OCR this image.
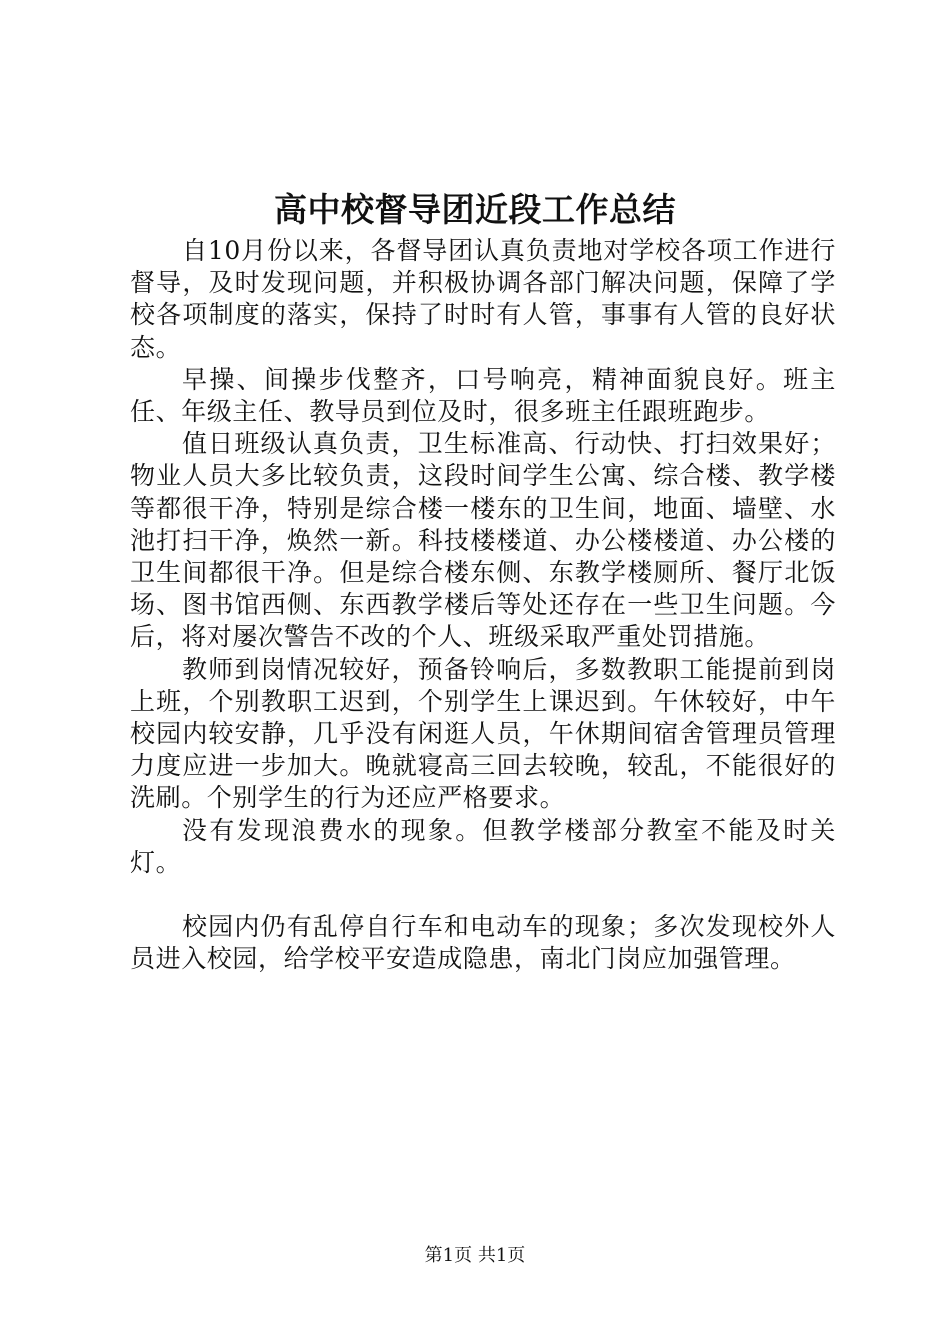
高中校督导团近段工作总结

自10月份以来，各督导团认真负责地对学校各项工作进行督导，及时发现问题，并积极协调各部门解决问题，保障了学校各项制度的落实，保持了时时有人管，事事有人管的良好状态。

早操、间操步伐整齐，口号响亮，精神面貌良好。班主任、年级主任、教导员到位及时，很多班主任跟班跑步。

值日班级认真负责，卫生标准高、行动快、打扫效果好；物业人员大多比较负责，这段时间学生公寓、综合楼、教学楼等都很干净，特别是综合楼一楼东的卫生间，地面、墙壁、水池打扫干净，焕然一新。科技楼楼道、办公楼楼道、办公楼的卫生间都很干净。但是综合楼东侧、东教学楼厕所、餐厅北饭场、图书馆西侧、东西教学楼后等处还存在一些卫生问题。今后，将对屡次警告不改的个人、班级采取严重处罚措施。

教师到岗情况较好，预备铃响后，多数教职工能提前到岗上班，个别教职工迟到，个别学生上课迟到。午休较好，中午校园内较安静，几乎没有闲逛人员，午休期间宿舍管理员管理力度应进一步加大。晚就寝高三回去较晚，较乱，不能很好的洗刷。个别学生的行为还应严格要求。

没有发现浪费水的现象。但教学楼部分教室不能及时关灯。

校园内仍有乱停自行车和电动车的现象；多次发现校外人员进入校园，给学校平安造成隐患，南北门岗应加强管理。

第1页 共1页
